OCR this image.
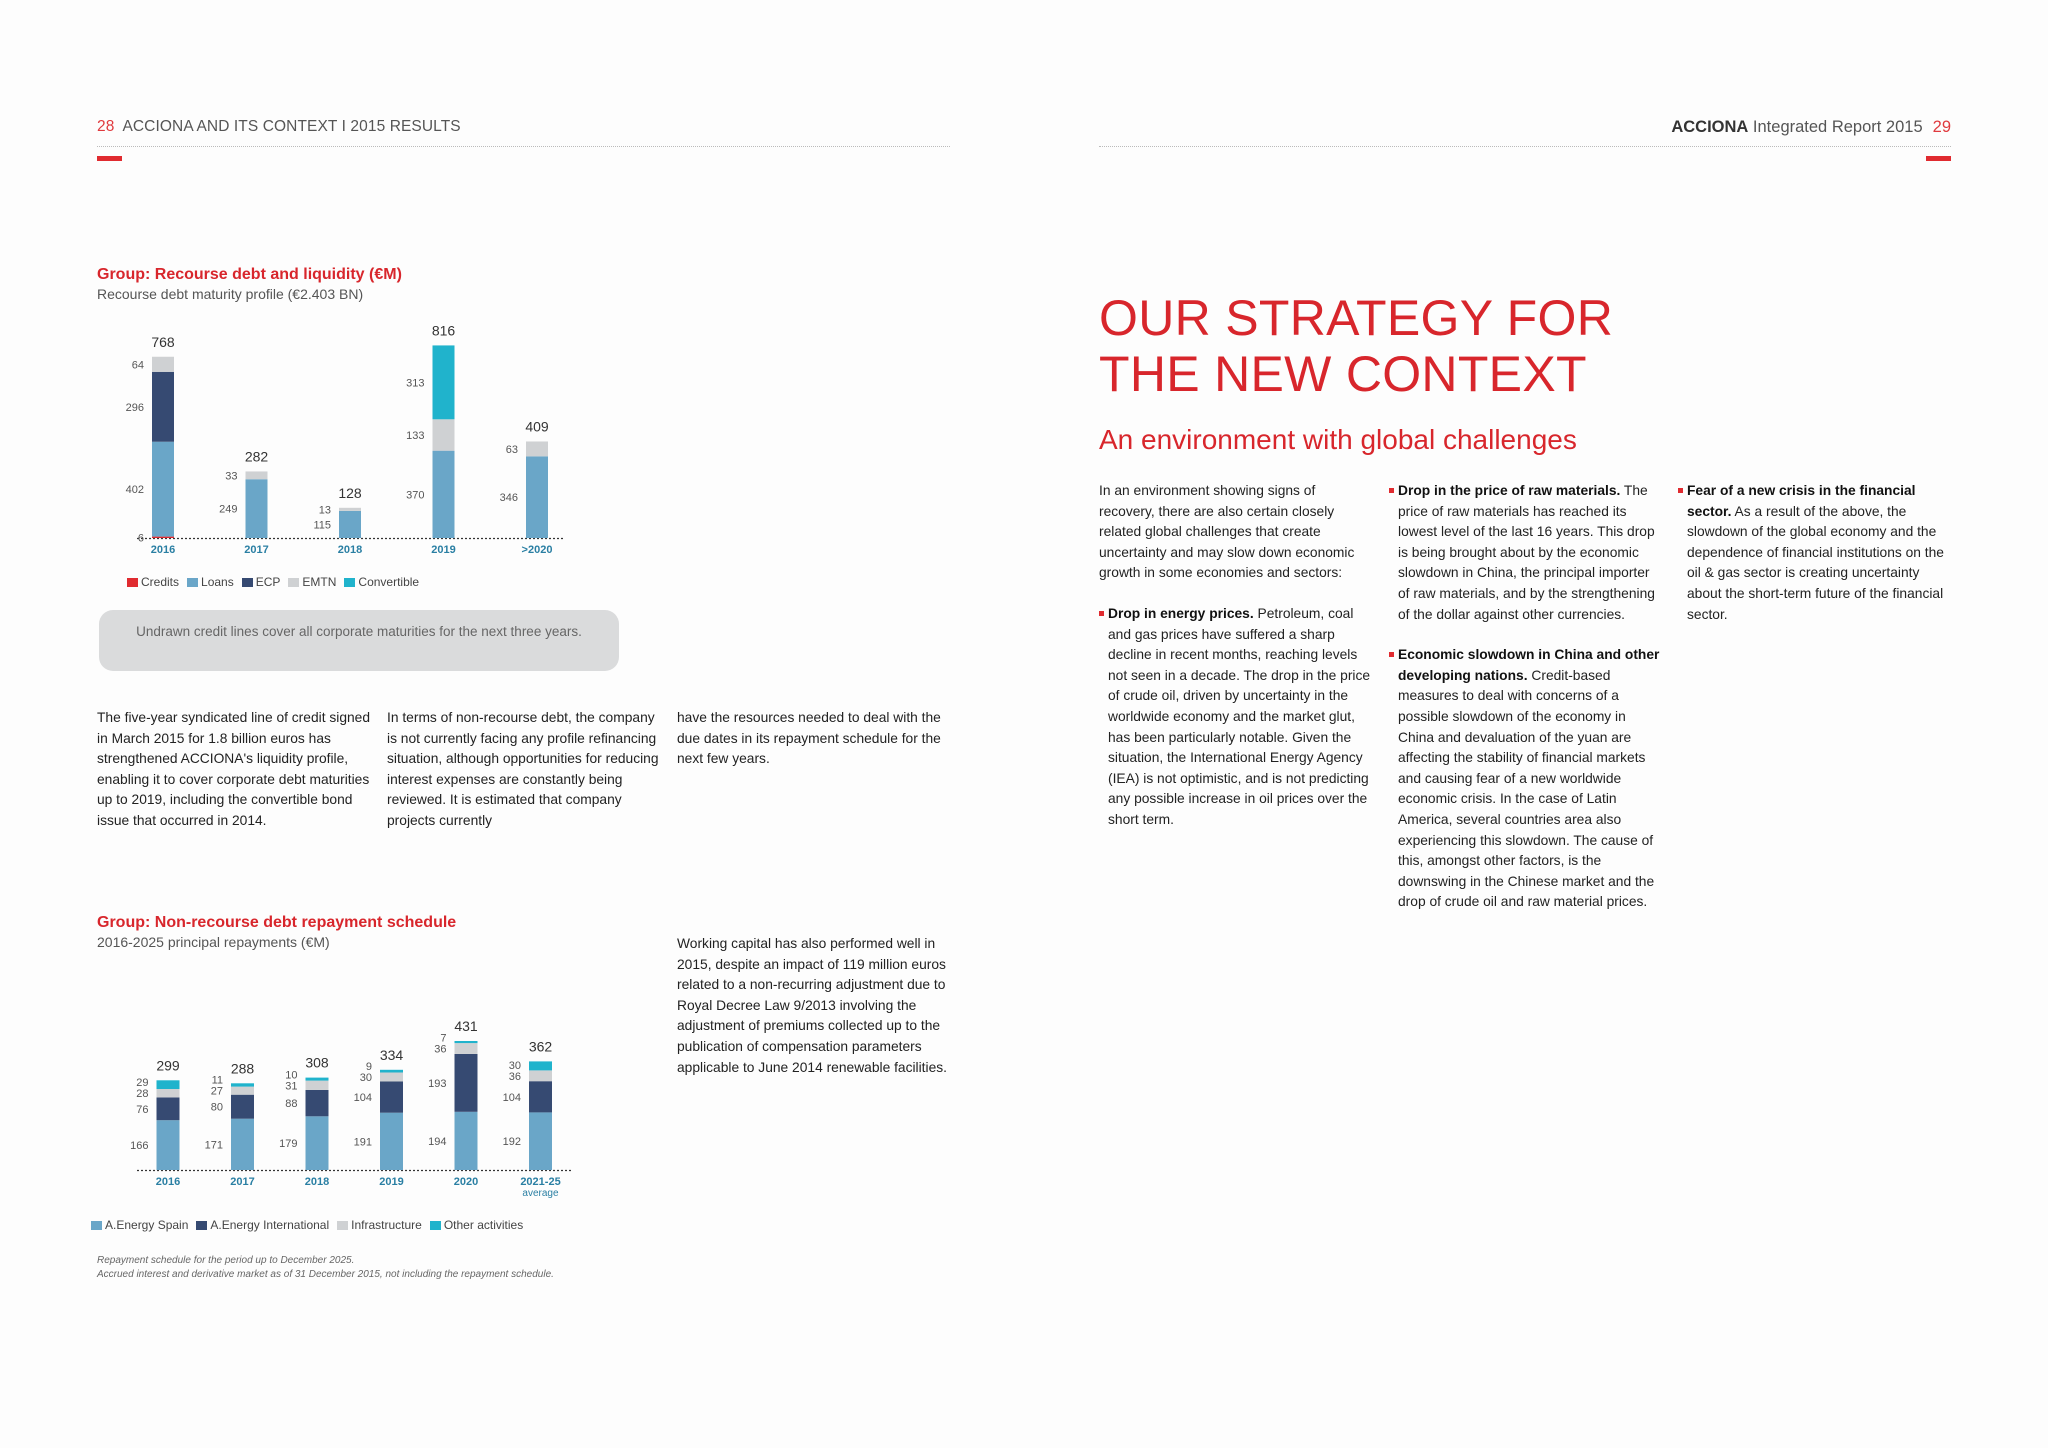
28 ACCIONA AND ITS CONTEXT I 2015 RESULTS	ACCIONA Integrated Report 2015 29
Group: Recourse debt and liquidity (€M)
Recourse debt maturity profile (€2.403 BN)
6
402
296
64
768
2016
249
33
282
2017
115
13
128
2018
370
133
313
816
2019
346
63
409
>2020
Credits	Loans	ECP	EMTN	Convertible
Undrawn credit lines cover all corporate maturities for the next three years.
The five-year syndicated line of credit signed in March 2015 for 1.8 billion euros has strengthened ACCIONA's liquidity profile, enabling it to cover corporate debt maturities up to 2019, including the convertible bond issue that occurred in 2014.
In terms of non-recourse debt, the company is not currently facing any profile refinancing situation, although opportunities for reducing interest expenses are constantly being reviewed. It is estimated that company projects currently
have the resources needed to deal with the due dates in its repayment schedule for the next few years.
Group: Non-recourse debt repayment schedule
2016-2025 principal repayments (€M)
166
76
28
29
299
2016
171
80
27
11
288
2017
179
88
31
10
308
2018
191
104
30
9
334
2019
194
193
36
7
431
2020
192
104
36
30
362
2021-25
average
A.Energy Spain	A.Energy International	Infrastructure	Other activities
Repayment schedule for the period up to December 2025.
Accrued interest and derivative market as of 31 December 2015, not including the repayment schedule.
Working capital has also performed well in 2015, despite an impact of 119 million euros related to a non-recurring adjustment due to Royal Decree Law 9/2013 involving the adjustment of premiums collected up to the publication of compensation parameters applicable to June 2014 renewable facilities.
OUR STRATEGY FOR
THE NEW CONTEXT
An environment with global challenges
In an environment showing signs of recovery, there are also certain closely related global challenges that create uncertainty and may slow down economic growth in some economies and sectors:
Drop in energy prices. Petroleum, coal and gas prices have suffered a sharp decline in recent months, reaching levels not seen in a decade. The drop in the price of crude oil, driven by uncertainty in the worldwide economy and the market glut, has been particularly notable. Given the situation, the International Energy Agency (IEA) is not optimistic, and is not predicting any possible increase in oil prices over the short term.
Drop in the price of raw materials. The price of raw materials has reached its lowest level of the last 16 years. This drop is being brought about by the economic slowdown in China, the principal importer of raw materials, and by the strengthening of the dollar against other currencies.
Economic slowdown in China and other developing nations. Credit-based measures to deal with concerns of a possible slowdown of the economy in China and devaluation of the yuan are affecting the stability of financial markets and causing fear of a new worldwide economic crisis. In the case of Latin America, several countries area also experiencing this slowdown. The cause of this, amongst other factors, is the downswing in the Chinese market and the drop of crude oil and raw material prices.
Fear of a new crisis in the financial sector. As a result of the above, the slowdown of the global economy and the dependence of financial institutions on the oil & gas sector is creating uncertainty about the short-term future of the financial sector.
